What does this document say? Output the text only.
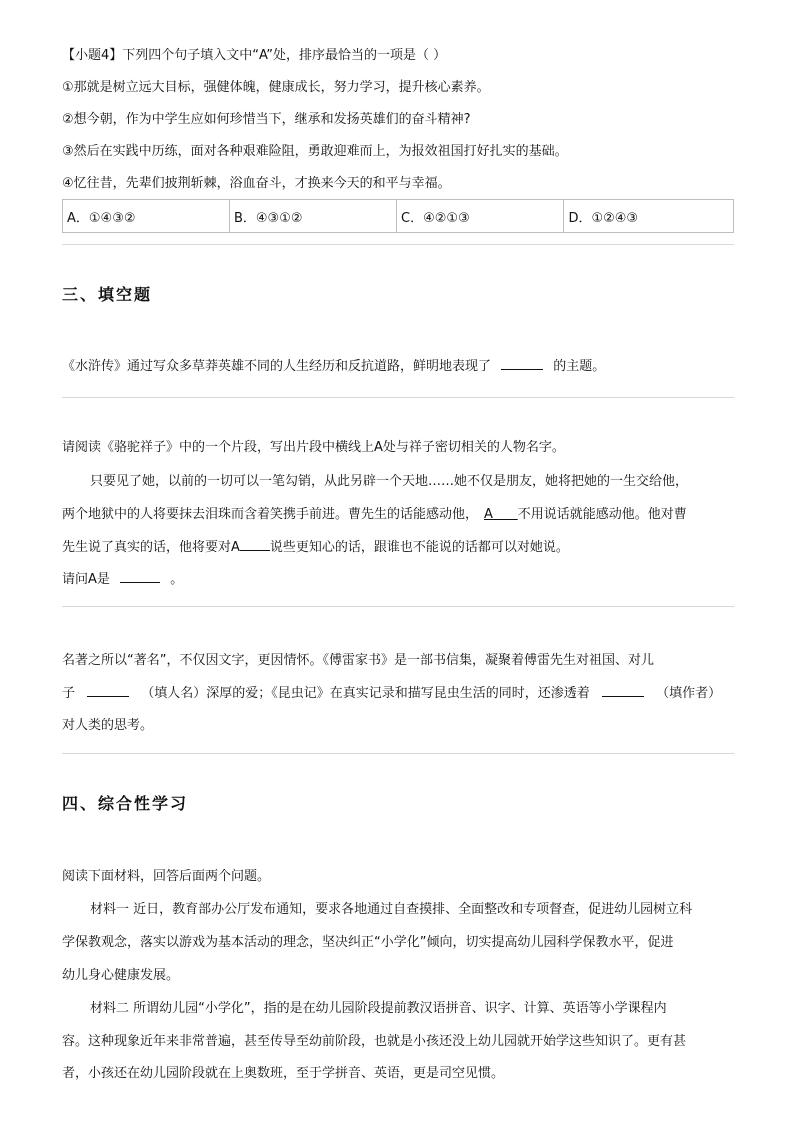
【小题4】下列四个句子填入文中“A”处，排序最恰当的一项是（ ）
①那就是树立远大目标，强健体魄，健康成长，努力学习，提升核心素养。
②想今朝，作为中学生应如何珍惜当下，继承和发扬英雄们的奋斗精神?
③然后在实践中历练，面对各种艰难险阻，勇敢迎难而上，为报效祖国打好扎实的基础。
④忆往昔，先辈们披荆斩棘，浴血奋斗，才换来今天的和平与幸福。
A．①④③②	B．④③①②	C．④②①③	D．①②④③
三、填空题
《水浒传》通过写众多草莽英雄不同的人生经历和反抗道路，鲜明地表现了	的主题。
请阅读《骆驼祥子》中的一个片段，写出片段中横线上A处与祥子密切相关的人物名字。
只要见了她，以前的一切可以一笔勾销，从此另辟一个天地……她不仅是朋友，她将把她的一生交给他，
两个地狱中的人将要抹去泪珠而含着笑携手前进。曹先生的话能感动他， A 不用说话就能感动他。他对曹
先生说了真实的话，他将要对A 说些更知心的话，跟谁也不能说的话都可以对她说。
请问A是	。
名著之所以“著名”，不仅因文字，更因情怀。《傅雷家书》是一部书信集，凝聚着傅雷先生对祖国、对儿
子	（填人名）深厚的爱；《昆虫记》在真实记录和描写昆虫生活的同时，还渗透着	（填作者）
对人类的思考。
四、综合性学习
阅读下面材料，回答后面两个问题。
材料一 近日，教育部办公厅发布通知，要求各地通过自查摸排、全面整改和专项督查，促进幼儿园树立科
学保教观念，落实以游戏为基本活动的理念，坚决纠正“小学化”倾向，切实提高幼儿园科学保教水平，促进
幼儿身心健康发展。
材料二 所谓幼儿园“小学化”，指的是在幼儿园阶段提前教汉语拼音、识字、计算、英语等小学课程内
容。这种现象近年来非常普遍，甚至传导至幼前阶段，也就是小孩还没上幼儿园就开始学这些知识了。更有甚
者，小孩还在幼儿园阶段就在上奥数班，至于学拼音、英语，更是司空见惯。
